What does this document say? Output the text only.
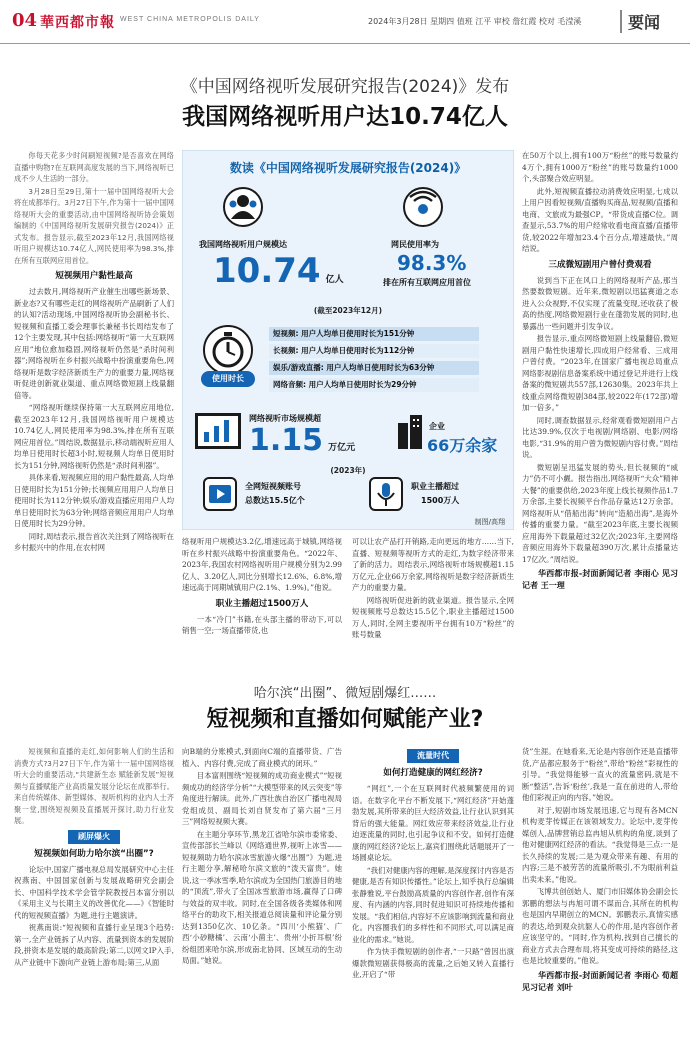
04 華西都市報 WEST CHINA METROPOLIS DAILY	2024年3月28日 星期四 值班 江平 审校 詹红霞 校对 毛滢溪	要闻
《中国网络视听发展研究报告(2024)》发布
我国网络视听用户达10.74亿人

你每天花多少时间刷短视频?是否喜欢在网络直播中购物?在互联网高度发展的当下,网络视听已成不少人生活的一部分。

3月28日至29日,第十一届中国网络视听大会将在成都举行。3月27日下午,作为第十一届中国网络视听大会的重要活动,由中国网络视听协会策划编制的《中国网络视听发展研究报告(2024)》正式发布。报告显示,截至2023年12月,我国网络视听用户规模达10.74亿人,网民使用率为98.3%,排在所有互联网应用首位。

短视频用户黏性最高

过去数月,网络视听产业催生出哪些新场景、新业态?又有哪些走红的网络视听产品刷新了人们的认知?活动现场,中国网络视听协会副秘书长、短视频和直播工委会理事长兼秘书长周结发布了12个主要发现,其中包括:网络视听“第一大互联网应用”地位愈加稳固,网络视听仍然是“杀时间利器”;网络视听在乡村振兴战略中扮演重要角色,网络视听是数字经济新质生产力的重要力量,网络视听促进创新就业渠道、重点网络微短剧上线量翻倍等。

“网络视听继续保持第一大互联网应用地位,截至2023年12月,我国网络视听用户规模达10.74亿人,网民使用率为98.3%,排在所有互联网应用首位。”周结说,数据显示,移动端视听应用人均单日使用时长超3小时,短视频人均单日使用时长为151分钟,网络视听仍然是“杀时间利器”。

具体来看,短视频应用的用户黏性最高,人均单日使用时长为151分钟;长视频应用用户人均单日使用时长为112分钟;娱乐/游戏直播应用用户人均单日使用时长为63分钟;网络音频应用用户人均单日使用时长为29分钟。

同时,周结表示,报告首次关注到了网络视听在乡村振兴中的作用,在农村网

数读《中国网络视听发展研究报告(2024)》
我国网络视听用户规模达
10.74 亿人
网民使用率为
98.3%
排在所有互联网应用首位
(截至2023年12月)
使用时长
短视频: 用户人均单日使用时长为151分钟
长视频: 用户人均单日使用时长为112分钟
娱乐/游戏直播: 用户人均单日使用时长为63分钟
网络音频: 用户人均单日使用时长为29分钟
网络视听市场规模超
1.15 万亿元
企业
66万余家
(2023年)
全网短视频账号
总数达15.5亿个
职业主播超过
1500万人
制图/高翔

络视听用户规模达3.2亿,增速远高于城镇,网络视听在乡村振兴战略中扮演重要角色。“2022年、2023年,我国农村网络视听用户规模分别为2.99亿人、3.20亿人,同比分别增长12.6%、6.8%,增速远高于同期城镇用户(2.1%、1.9%)。”他说。

职业主播超过1500万人

一本“冷门”书籍,在头部主播的带动下,可以销售一空;一场直播带货,也

可以让农产品打开销路,走向更远的地方……当下,直播、短视频等视听方式的走红,为数字经济带来了新的活力。周结表示,网络视听市场规模超1.15万亿元,企业66万余家,网络视听是数字经济新质生产力的重要力量。

网络视听促进新的就业渠道。报告显示,全网短视频账号总数达15.5亿个,职业主播超过1500万人,同时,全网主要视听平台拥有10万“粉丝”的账号数量

在50万个以上,拥有100万“粉丝”的账号数量约4万个,拥有1000万“粉丝”的账号数量约1000个,头部聚合效应明显。

此外,短视频直播拉动消费效应明显,七成以上用户因看短视频/直播购买商品,短视频/直播和电商、文旅成为最强CP。“带货成直播C位。调查显示,53.7%的用户经常收看电商直播/直播带货,较2022年增加23.4个百分点,增速最快。”周结说。

三成微短剧用户曾付费观看

说到当下正在风口上的网络视听产品,那当然要数微短剧。近年来,微短剧以迅猛赛道之态进入公众视野,不仅实现了流量变现,还收获了极高的热度,网络微短剧行业在蓬勃发展的同时,也暴露出一些问题并引发争议。

报告显示,重点网络微短剧上线量翻倍,微短剧用户黏性快速增长,四成用户经常看、三成用户曾付费。“2023年,在国家广播电视总局重点网络影视剧信息备案系统中通过登记并进行上线备案的微短剧共557部,12630集。2023年共上线重点网络微短剧384部,较2022年(172部)增加一倍多。”

同时,调查数据显示,经常观看微短剧用户占比达39.9%,仅次于电视剧/网络剧、电影/网络电影,“31.9%的用户曾为微短剧内容付费。”周结说。

微短剧呈迅猛发展的势头,但长视频的“威力”仍不可小觑。报告指出,网络视听“大众”精神大餐”的重要供给,2023年度上线长视频作品1.7万余部,主要长视频平台作品存量达12万余部。网络视听从“借船出海”转向“造船出海”,是海外传播的重要力量。“截至2023年底,主要长视频应用海外下载量超过32亿次;2023年,主要网络音频应用海外下载量超390万次,累计点播量达17亿次。”周结说。

华西都市报-封面新闻记者 李雨心 见习记者 王一理

哈尔滨“出圈”、微短剧爆红……
短视频和直播如何赋能产业?

短视频和直播的走红,如何影响人们的生活和消费方式?3月27日下午,作为第十一届中国网络视听大会的重要活动,“共建新生态 赋能新发展”短视频与直播赋能产业高质量发展分论坛在成都举行。来自传统媒体、新型媒体、视听机构的业内人士齐聚一堂,围绕短视频及直播展开探讨,助力行业发展。

刷屏爆火
短视频如何助力哈尔滨“出圈”?

论坛中,国家广播电视总局发展研究中心主任祝燕南、中国国家创新与发展战略研究会副会长、中国科学技术学会管学院教授吕本富分别以《采用主义与长期主义的改善优化——》《智能时代的短视频直播》为题,进行主题演讲。

祝燕南说:“短视频和直播行业呈现3个趋势:第一,全产业链拆了从内容、流量到资本的发展阶段,拼资本是发展的最高阶段;第二,以网文IP入手,从产业链中下游向产业链上游布局;第三,从面

向B端的分账模式,到面向C端的直播带货、广告植入、内容付费,完成了商业模式的闭环。”

目本富则围绕“短视频的成功商业模式”“短视频成功的经济学分析”“大模型带来的风云突变”等角度进行解读。此外,广西壮族自治区广播电视局党组成员、副局长刘自贤发布了第六届“三月三”网络短视频大赛。

在主题分享环节,黑龙江省哈尔滨市委常委、宣传部部长兰峰以《网络通世界,视听上冰雪——短视频助力哈尔滨冰雪旅游火爆“出圈”》为题,进行主题分享,解秘哈尔滨文旅的“泼天富贵”。她说,这一季冰雪季,哈尔滨成为全国热门旅游目的地的“顶流”,带火了全国冰雪旅游市场,赢得了口碑与效益的双丰收。同时,在全国各级各类媒体和网络平台的助攻下,相关报道总阅读量和评论量分别达到1350亿次、10亿条。“四川‘小熊猫’、广西‘小砂糖橘’、云南‘小菌主’、贵州‘小折耳根’纷纷组团来哈尔滨,形成南北协同、区域互动的生动局面。”她说。

流量时代
如何打造健康的网红经济?

“网红”,一个在互联网时代被频繁使用的词语。在数字化平台不断发展下,“网红经济”开始蓬勃发展,其所带来的巨大经济效益,让行业认识到其背后的强大能量。网红效应带来经济效益,让行业迫逐流量的同时,也引起争议和不安。如何打造健康的网红经济?论坛上,嘉宾们围绕此话题展开了一场圆桌论坛。

“我们对健康内容的理解,是深度探讨内容是否健康,是否有知识传播性。”论坛上,知乎执行总编辑张静雅说,平台鼓励高质量的内容创作者,创作有深度、有内涵的内容,同时促进知识可持续地传播和发展。“我们相信,内容好不应该影响到流量和商业化。内容圈我们的多样性和不同形式,可以满足商业化的需求。”她说。

作为快手微短剧的创作者,“一只路”曾因出演爆款微短剧获得极高的流量,之后她又转入直播行业,开启了“带

货”生涯。在她看来,无论是内容创作还是直播带货,产品都应服务于“粉丝”,带给“粉丝”彩视性的引导。“我觉得能够一直火的流量密码,就是不断“整活”,告诉‘粉丝’,我是一直在前进的人,带给他们彩视正向的内容。”她说。

对于,短剧市场发展迅速,它与现有各MCN机构麦芽传媒正在该领域发力。论坛中,麦芽传媒创人,品牌营销总监冉旭从机构的角度,谈到了他对健康网红经济的看法。“我觉得是三点:一是长久持续的发展;二是为观众带来有趣、有用的内容;三是不被劳苦的流量所吸引,不为眼前利益出卖未来。”他说。

飞博共创创始人、厦门市旧媒体协会副会长郭鹏的想法与冉旭可谓不谋而合,其所在的机构也是国内早期创立的MCN。郭鹏表示,真情实感的表达,给到观众抗躯人心的作用,是内容创作者应该坚守的。“同时,作为机构,找到自己擅长的商业方式去合理布局,将其变成可持续的路径,这也是比较重要的。”他说。

华西都市报-封面新闻记者 李雨心 荀超 见习记者 刘叶
